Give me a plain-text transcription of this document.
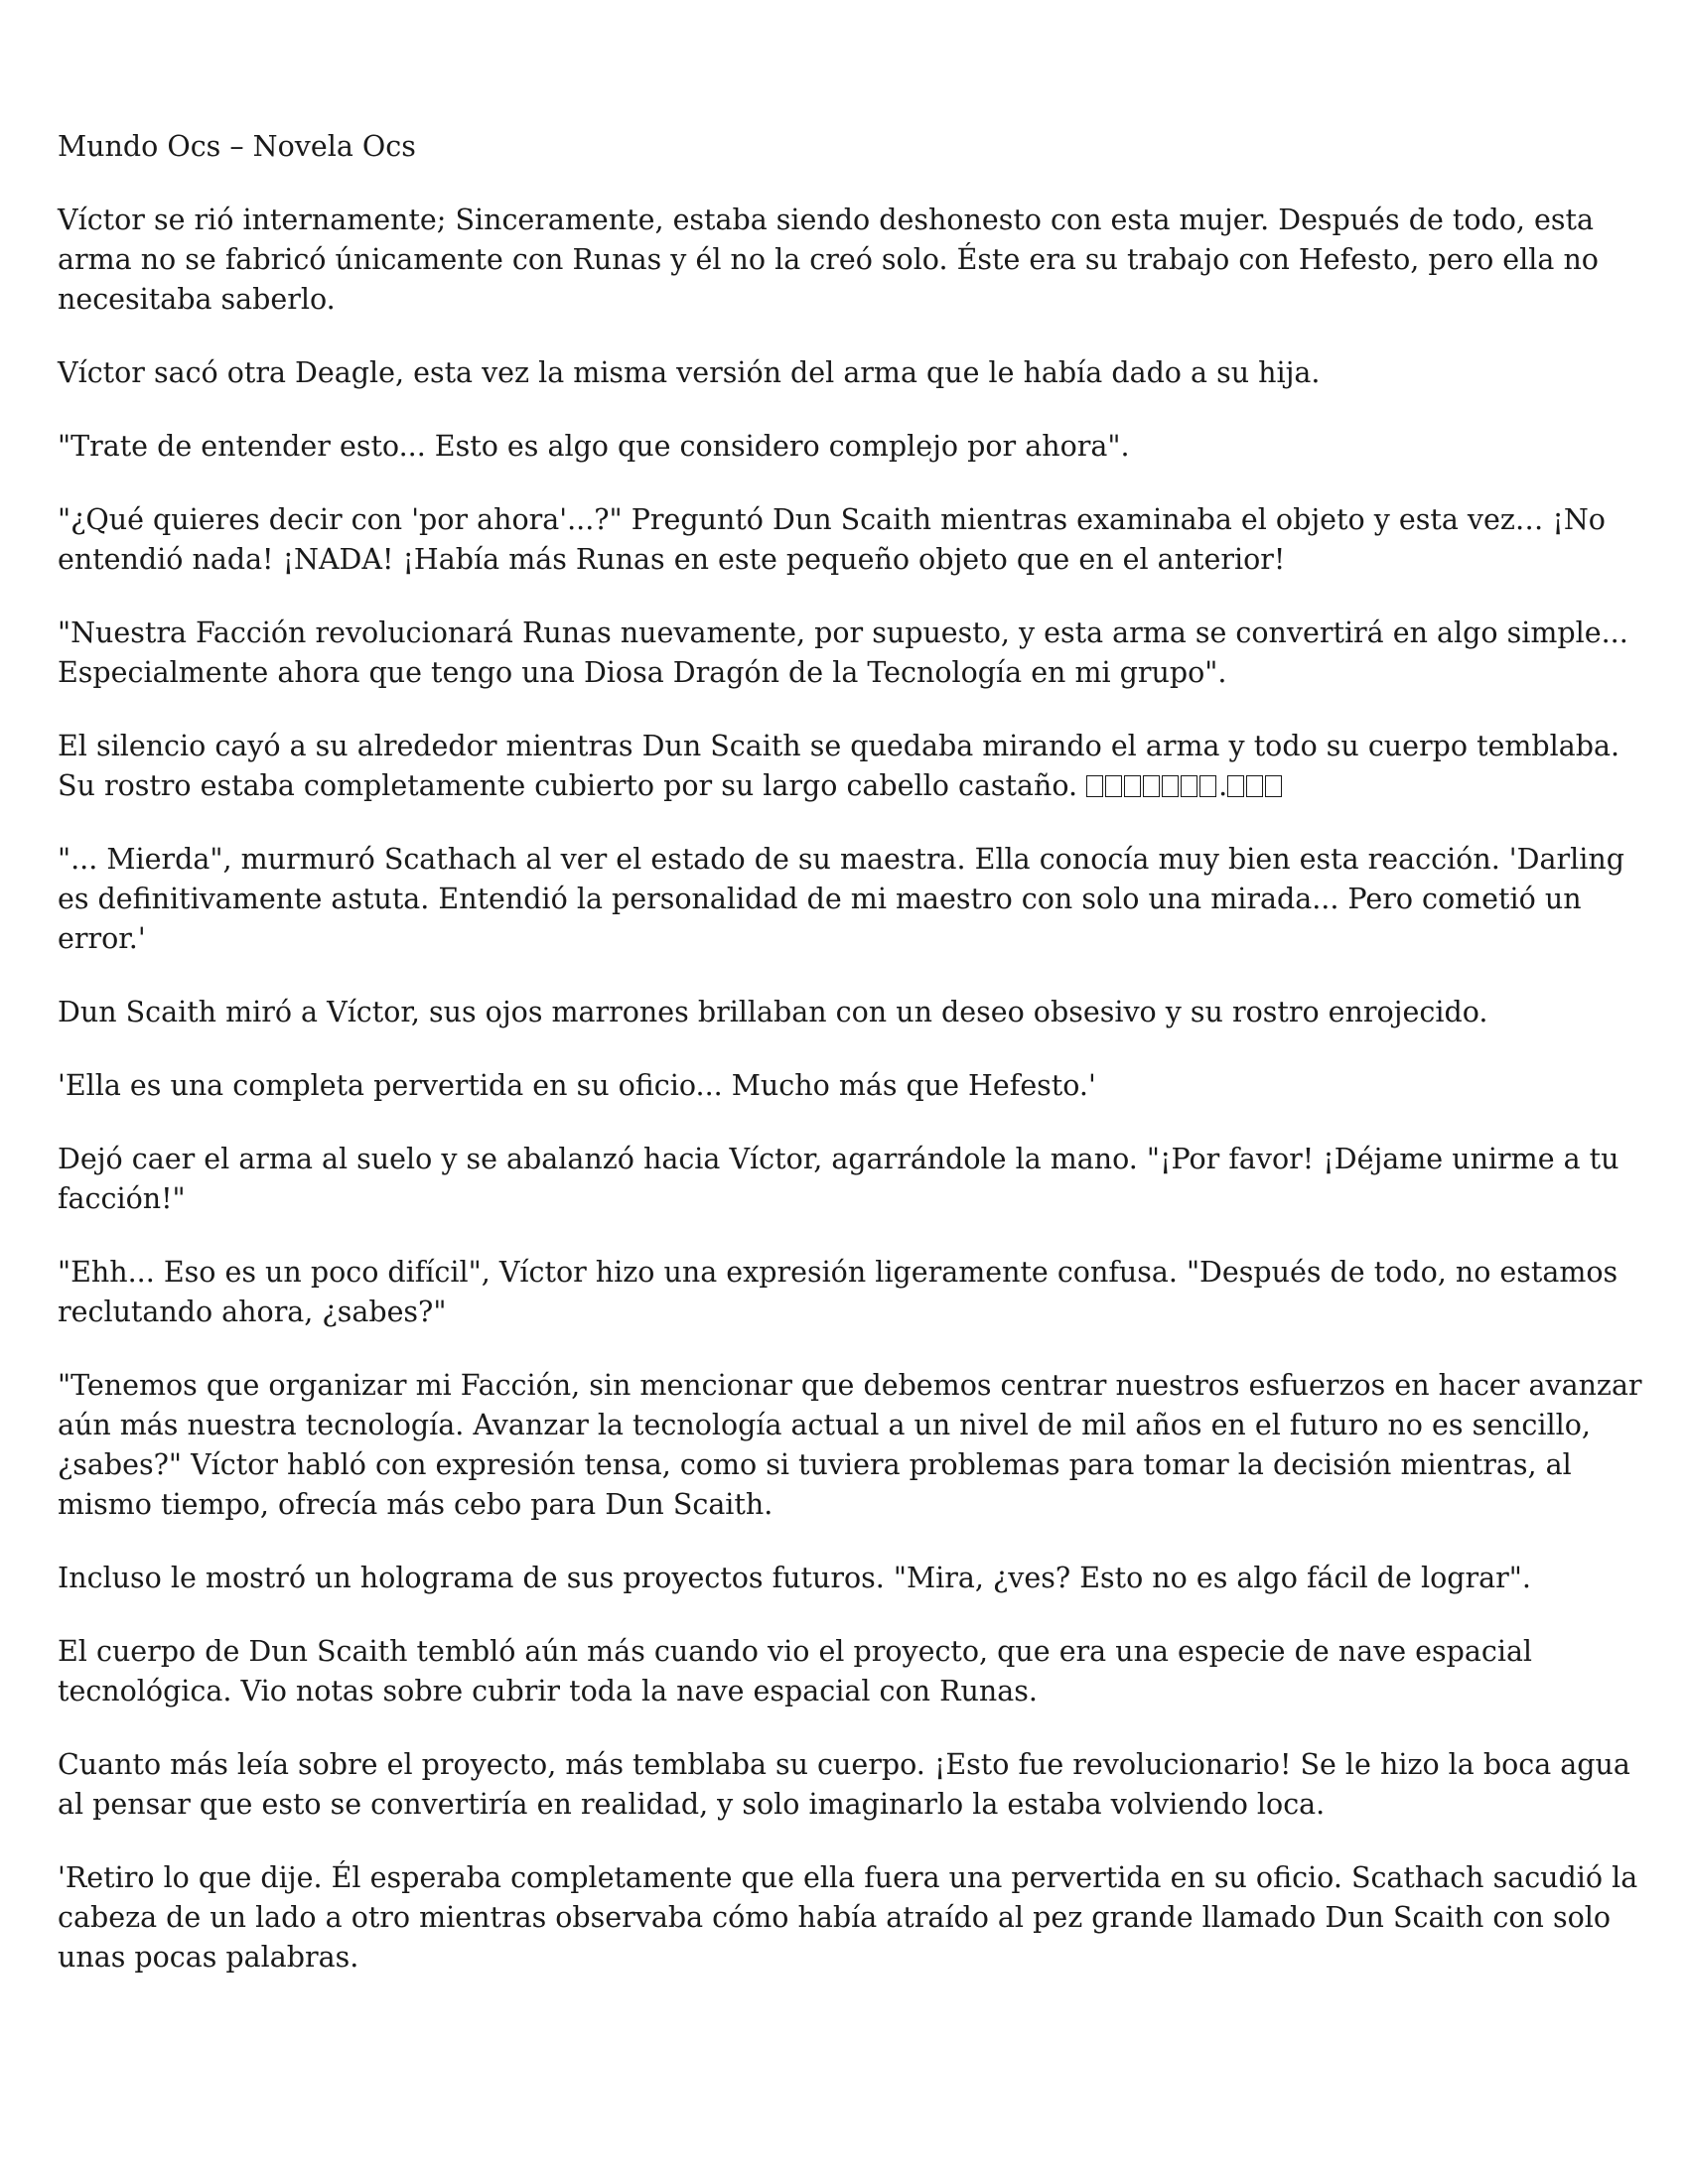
Mundo Ocs – Novela Ocs

Víctor se rió internamente; Sinceramente, estaba siendo deshonesto con esta mujer. Después de todo, esta arma no se fabricó únicamente con Runas y él no la creó solo. Éste era su trabajo con Hefesto, pero ella no necesitaba saberlo.

Víctor sacó otra Deagle, esta vez la misma versión del arma que le había dado a su hija.

"Trate de entender esto... Esto es algo que considero complejo por ahora".

"¿Qué quieres decir con 'por ahora'...?" Preguntó Dun Scaith mientras examinaba el objeto y esta vez… ¡No entendió nada! ¡NADA! ¡Había más Runas en este pequeño objeto que en el anterior!

"Nuestra Facción revolucionará Runas nuevamente, por supuesto, y esta arma se convertirá en algo simple... Especialmente ahora que tengo una Diosa Dragón de la Tecnología en mi grupo".

El silencio cayó a su alrededor mientras Dun Scaith se quedaba mirando el arma y todo su cuerpo temblaba. Su rostro estaba completamente cubierto por su largo cabello castaño.	.

"... Mierda", murmuró Scathach al ver el estado de su maestra. Ella conocía muy bien esta reacción. 'Darling es definitivamente astuta. Entendió la personalidad de mi maestro con solo una mirada... Pero cometió un error.'

Dun Scaith miró a Víctor, sus ojos marrones brillaban con un deseo obsesivo y su rostro enrojecido.

'Ella es una completa pervertida en su oficio... Mucho más que Hefesto.'

Dejó caer el arma al suelo y se abalanzó hacia Víctor, agarrándole la mano. "¡Por favor! ¡Déjame unirme a tu facción!"

"Ehh... Eso es un poco difícil", Víctor hizo una expresión ligeramente confusa. "Después de todo, no estamos reclutando ahora, ¿sabes?"

"Tenemos que organizar mi Facción, sin mencionar que debemos centrar nuestros esfuerzos en hacer avanzar aún más nuestra tecnología. Avanzar la tecnología actual a un nivel de mil años en el futuro no es sencillo, ¿sabes?" Víctor habló con expresión tensa, como si tuviera problemas para tomar la decisión mientras, al mismo tiempo, ofrecía más cebo para Dun Scaith.

Incluso le mostró un holograma de sus proyectos futuros. "Mira, ¿ves? Esto no es algo fácil de lograr".

El cuerpo de Dun Scaith tembló aún más cuando vio el proyecto, que era una especie de nave espacial tecnológica. Vio notas sobre cubrir toda la nave espacial con Runas.

Cuanto más leía sobre el proyecto, más temblaba su cuerpo. ¡Esto fue revolucionario! Se le hizo la boca agua al pensar que esto se convertiría en realidad, y solo imaginarlo la estaba volviendo loca.

'Retiro lo que dije. Él esperaba completamente que ella fuera una pervertida en su oficio. Scathach sacudió la cabeza de un lado a otro mientras observaba cómo había atraído al pez grande llamado Dun Scaith con solo unas pocas palabras.
